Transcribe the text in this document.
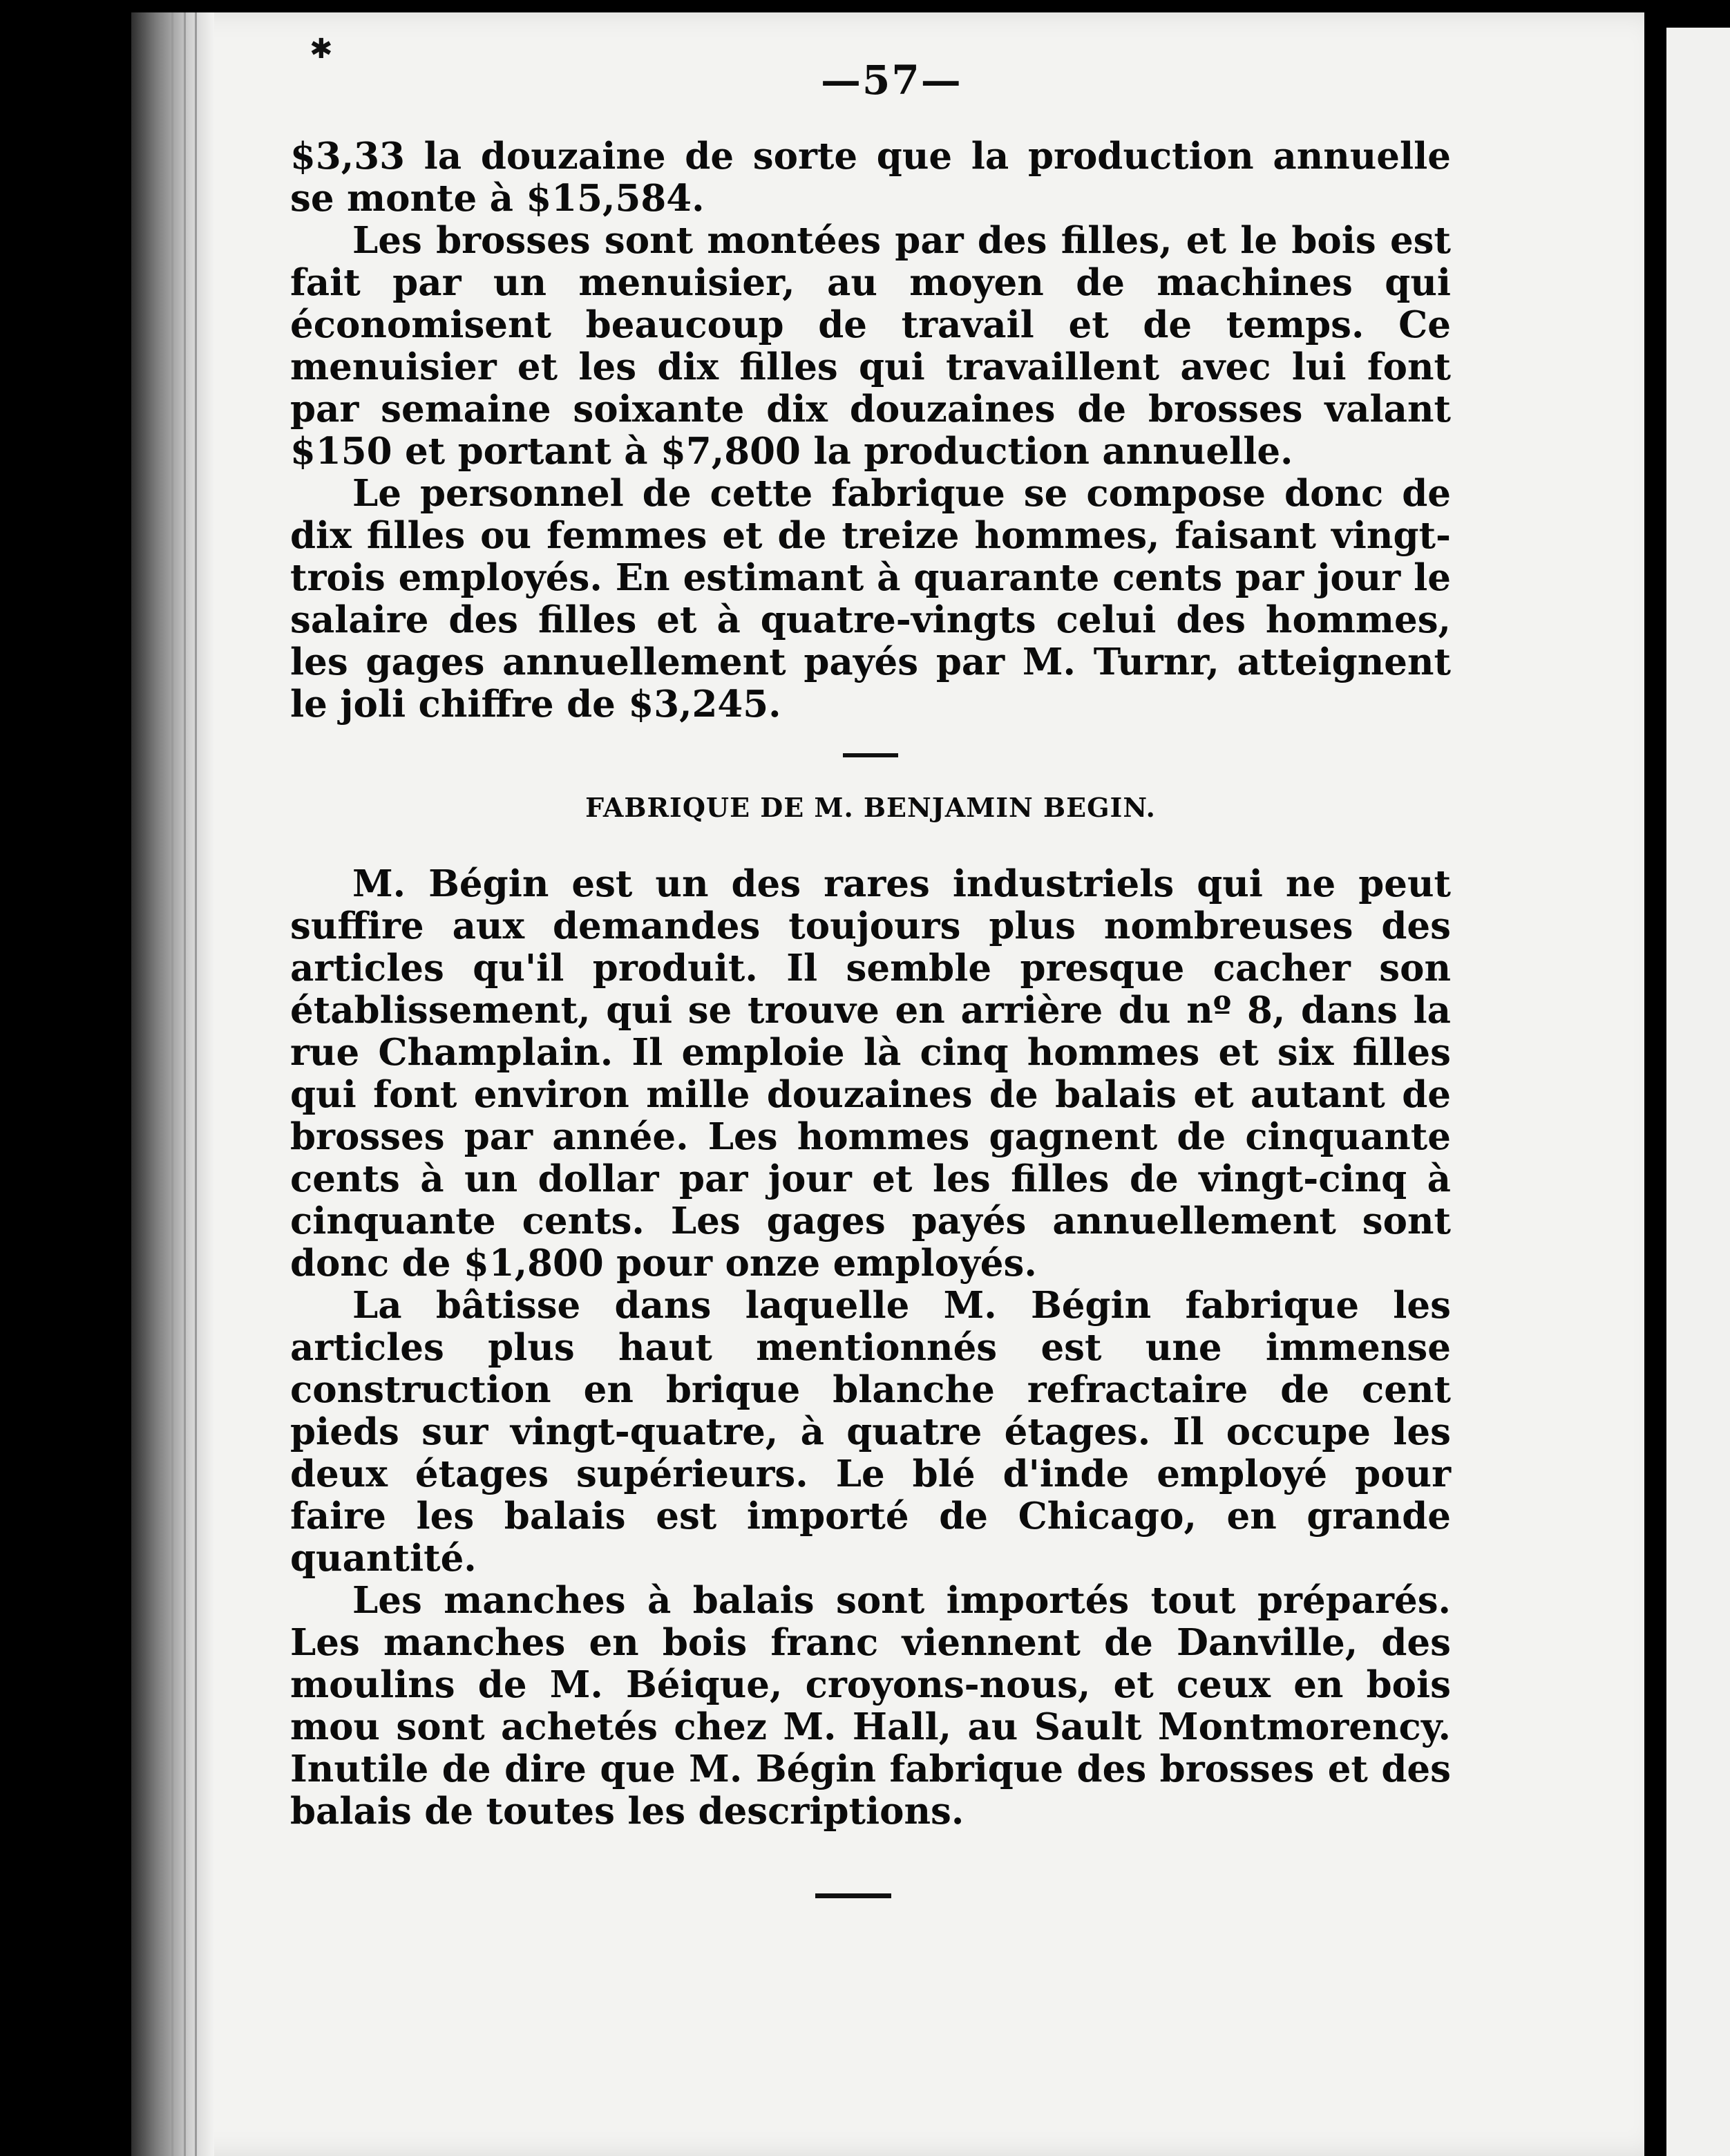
✱
—57—

$3,33 la douzaine de sorte que la production annuelle se monte à $15,584.

Les brosses sont montées par des filles, et le bois est fait par un menuisier, au moyen de machines qui économisent beaucoup de travail et de temps. Ce menuisier et les dix filles qui travaillent avec lui font par semaine soixante dix douzaines de brosses valant $150 et portant à $7,800 la production annuelle.

Le personnel de cette fabrique se compose donc de dix filles ou femmes et de treize hommes, faisant vingt-trois employés. En estimant à quarante cents par jour le salaire des filles et à quatre-vingts celui des hommes, les gages annuellement payés par M. Turnr, atteignent le joli chiffre de $3,245.

FABRIQUE DE M. BENJAMIN BEGIN.

M. Bégin est un des rares industriels qui ne peut suffire aux demandes toujours plus nombreuses des articles qu'il produit. Il semble presque cacher son établissement, qui se trouve en arrière du nº 8, dans la rue Champlain. Il emploie là cinq hommes et six filles qui font environ mille douzaines de balais et autant de brosses par année. Les hommes gagnent de cinquante cents à un dollar par jour et les filles de vingt-cinq à cinquante cents. Les gages payés annuellement sont donc de $1,800 pour onze employés.

La bâtisse dans laquelle M. Bégin fabrique les articles plus haut mentionnés est une immense construction en brique blanche refractaire de cent pieds sur vingt-quatre, à quatre étages. Il occupe les deux étages supérieurs. Le blé d'inde employé pour faire les balais est importé de Chicago, en grande quantité.

Les manches à balais sont importés tout préparés. Les manches en bois franc viennent de Danville, des moulins de M. Béique, croyons-nous, et ceux en bois mou sont achetés chez M. Hall, au Sault Montmorency. Inutile de dire que M. Bégin fabrique des brosses et des balais de toutes les descriptions.
